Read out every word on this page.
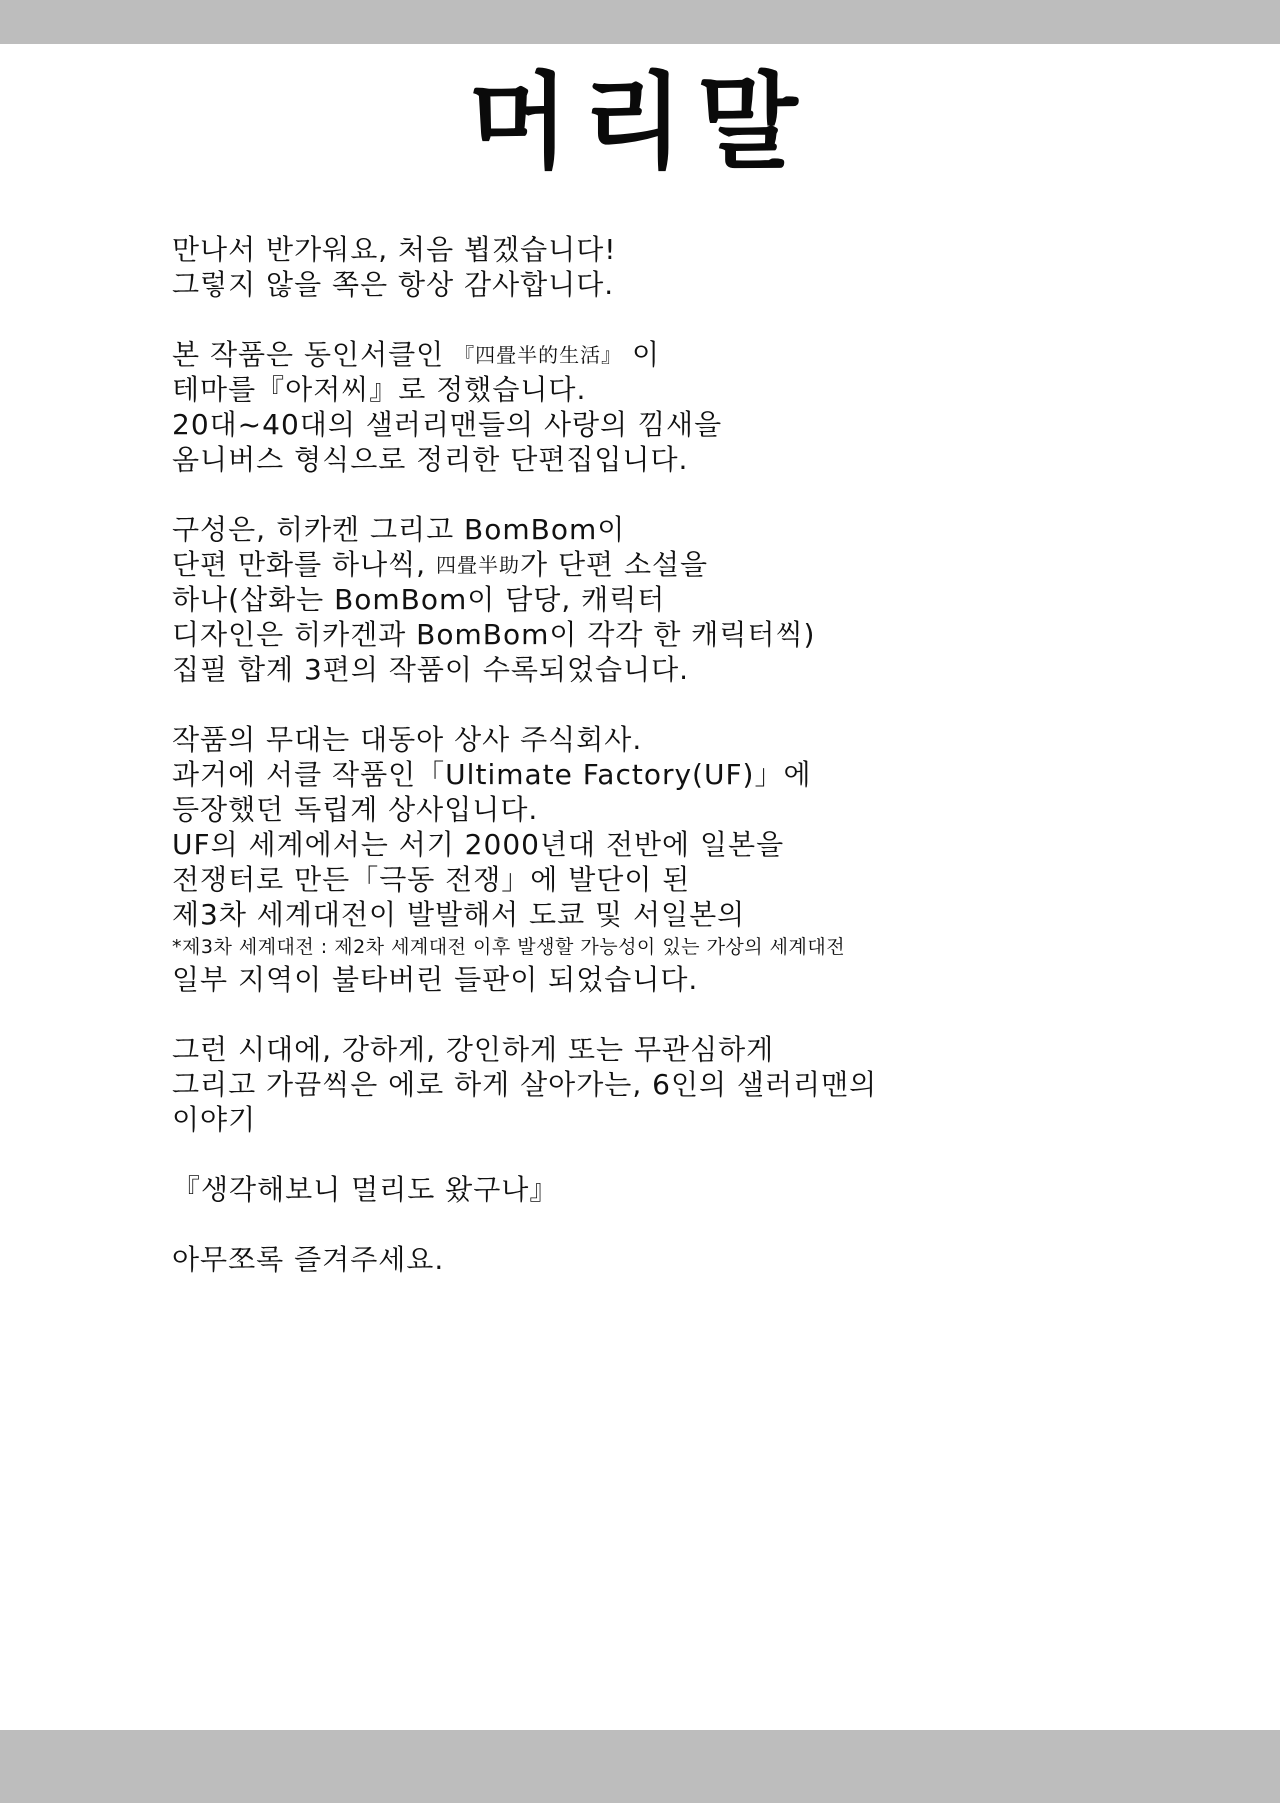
머리말
만나서 반가워요, 처음 뵙겠습니다!
그렇지 않을 쪽은 항상 감사합니다.
본 작품은 동인서클인 『四畳半的生活』 이
테마를『아저씨』로 정했습니다.
20대~40대의 샐러리맨들의 사랑의 낌새을
옴니버스 형식으로 정리한 단편집입니다.
구성은, 히카켄 그리고 BomBom이
단편 만화를 하나씩, 四畳半助가 단편 소설을
하나(삽화는 BomBom이 담당, 캐릭터
디자인은 히카겐과 BomBom이 각각 한 캐릭터씩)
집필 합계 3편의 작품이 수록되었습니다.
작품의 무대는 대동아 상사 주식회사.
과거에 서클 작품인「Ultimate Factory(UF)」에
등장했던 독립계 상사입니다.
UF의 세계에서는 서기 2000년대 전반에 일본을
전쟁터로 만든「극동 전쟁」에 발단이 된
제3차 세계대전이 발발해서 도쿄 및 서일본의
*제3차 세계대전 : 제2차 세계대전 이후 발생할 가능성이 있는 가상의 세계대전
일부 지역이 불타버린 들판이 되었습니다.
그런 시대에, 강하게, 강인하게 또는 무관심하게
그리고 가끔씩은 에로 하게 살아가는, 6인의 샐러리맨의
이야기
『생각해보니 멀리도 왔구나』
아무쪼록 즐겨주세요.
